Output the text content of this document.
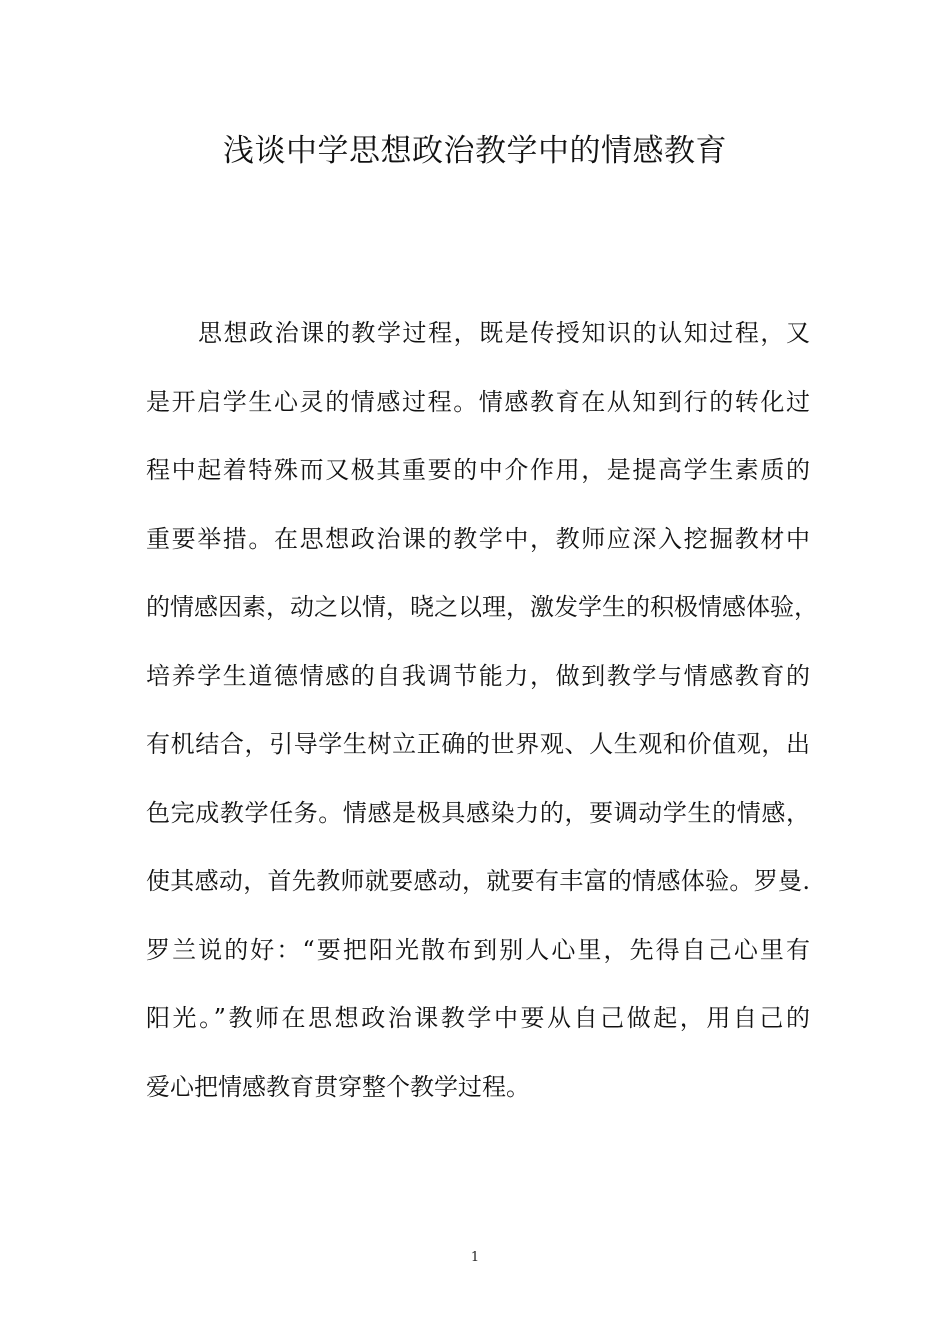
浅谈中学思想政治教学中的情感教育
思想政治课的教学过程，既是传授知识的认知过程，又
是开启学生心灵的情感过程。情感教育在从知到行的转化过
程中起着特殊而又极其重要的中介作用，是提高学生素质的
重要举措。在思想政治课的教学中，教师应深入挖掘教材中
的情感因素，动之以情，晓之以理，激发学生的积极情感体验，
培养学生道德情感的自我调节能力，做到教学与情感教育的
有机结合，引导学生树立正确的世界观、人生观和价值观，出
色完成教学任务。情感是极具感染力的，要调动学生的情感，
使其感动，首先教师就要感动，就要有丰富的情感体验。罗曼.
罗兰说的好：“要把阳光散布到别人心里，先得自己心里有
阳光。”教师在思想政治课教学中要从自己做起，用自己的
爱心把情感教育贯穿整个教学过程。
1
